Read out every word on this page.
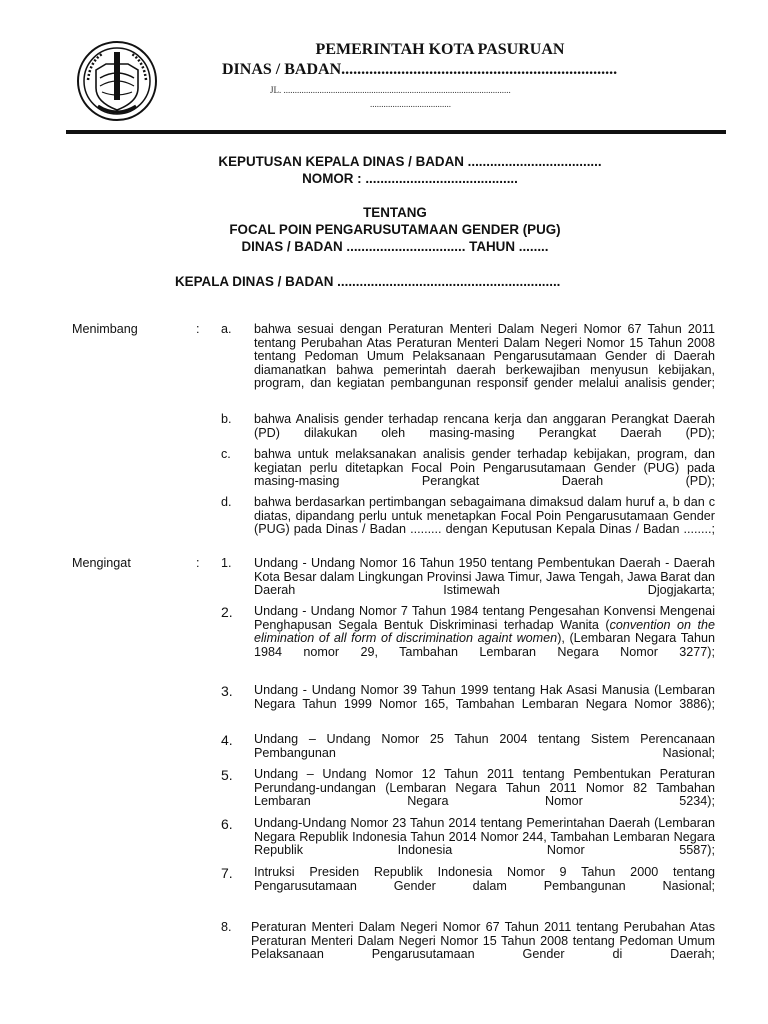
PEMERINTAH KOTA PASURUAN
DINAS / BADAN.....................................................................
JL. .....................................................................................................
....................................
KEPUTUSAN KEPALA DINAS / BADAN ....................................
NOMOR : .........................................
TENTANG
FOCAL POIN PENGARUSUTAMAAN GENDER (PUG)
DINAS / BADAN ................................ TAHUN ........
KEPALA DINAS / BADAN ............................................................
Menimbang	: a. bahwa sesuai dengan Peraturan Menteri Dalam Negeri Nomor 67 Tahun 2011 tentang Perubahan Atas Peraturan Menteri Dalam Negeri Nomor 15 Tahun 2008 tentang Pedoman Umum Pelaksanaan Pengarusutamaan Gender di Daerah diamanatkan bahwa pemerintah daerah berkewajiban menyusun kebijakan, program, dan kegiatan pembangunan responsif gender melalui analisis gender;
b. bahwa Analisis gender terhadap rencana kerja dan anggaran Perangkat Daerah (PD) dilakukan oleh masing-masing Perangkat Daerah (PD);
c. bahwa untuk melaksanakan analisis gender terhadap kebijakan, program, dan kegiatan perlu ditetapkan Focal Poin Pengarusutamaan Gender (PUG) pada masing-masing Perangkat Daerah (PD);
d. bahwa berdasarkan pertimbangan sebagaimana dimaksud dalam huruf a, b dan c diatas, dipandang perlu untuk menetapkan Focal Poin Pengarusutamaan Gender (PUG) pada Dinas / Badan ......... dengan Keputusan Kepala Dinas / Badan ........;
Mengingat	: 1. Undang - Undang Nomor 16 Tahun 1950 tentang Pembentukan Daerah - Daerah Kota Besar dalam Lingkungan Provinsi Jawa Timur, Jawa Tengah, Jawa Barat dan Daerah Istimewah Djogjakarta;
2. Undang - Undang Nomor 7 Tahun 1984 tentang Pengesahan Konvensi Mengenai Penghapusan Segala Bentuk Diskriminasi terhadap Wanita (convention on the elimination of all form of discrimination againt women), (Lembaran Negara Tahun 1984 nomor 29, Tambahan Lembaran Negara Nomor 3277);
3. Undang - Undang Nomor 39 Tahun 1999 tentang Hak Asasi Manusia (Lembaran Negara Tahun 1999 Nomor 165, Tambahan Lembaran Negara Nomor 3886);
4. Undang – Undang Nomor 25 Tahun 2004 tentang Sistem Perencanaan Pembangunan Nasional;
5. Undang – Undang Nomor 12 Tahun 2011 tentang Pembentukan Peraturan Perundang-undangan (Lembaran Negara Tahun 2011 Nomor 82 Tambahan Lembaran Negara Nomor 5234);
6. Undang-Undang Nomor 23 Tahun 2014 tentang Pemerintahan Daerah (Lembaran Negara Republik Indonesia Tahun 2014 Nomor 244, Tambahan Lembaran Negara Republik Indonesia Nomor 5587);
7. Intruksi Presiden Republik Indonesia Nomor 9 Tahun 2000 tentang Pengarusutamaan Gender dalam Pembangunan Nasional;
8. Peraturan Menteri Dalam Negeri Nomor 67 Tahun 2011 tentang Perubahan Atas Peraturan Menteri Dalam Negeri Nomor 15 Tahun 2008 tentang Pedoman Umum Pelaksanaan Pengarusutamaan Gender di Daerah;
